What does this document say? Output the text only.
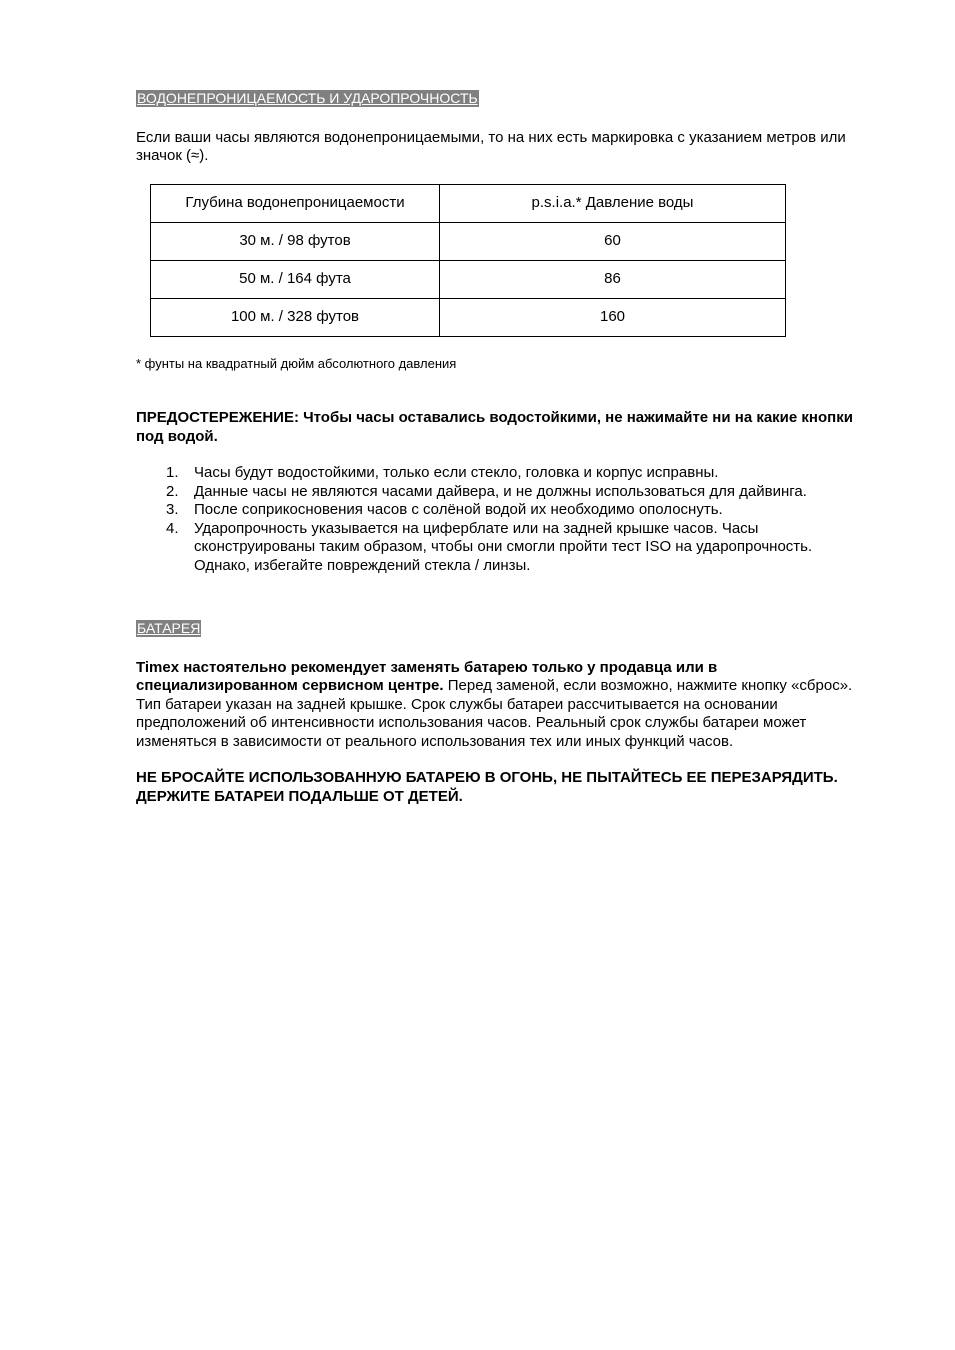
ВОДОНЕПРОНИЦАЕМОСТЬ И УДАРОПРОЧНОСТЬ

Если ваши часы являются водонепроницаемыми, то на них есть маркировка с указанием метров или значок (≈).

Глубина водонепроницаемости	p.s.i.a.* Давление воды
30 м. / 98 футов	60
50 м. / 164 фута	86
100 м. / 328 футов	160

* фунты на квадратный дюйм абсолютного давления

ПРЕДОСТЕРЕЖЕНИЕ: Чтобы часы оставались водостойкими, не нажимайте ни на какие кнопки под водой.

1.	Часы будут водостойкими, только если стекло, головка и корпус исправны.
2.	Данные часы не являются часами дайвера, и не должны использоваться для дайвинга.
3.	После соприкосновения часов с солёной водой их необходимо ополоснуть.
4.	Ударопрочность указывается на циферблате или на задней крышке часов. Часы сконструированы таким образом, чтобы они смогли пройти тест ISO на ударопрочность. Однако, избегайте повреждений стекла / линзы.
БАТАРЕЯ

Timex настоятельно рекомендует заменять батарею только у продавца или в специализированном сервисном центре. Перед заменой, если возможно, нажмите кнопку «сброс». Тип батареи указан на задней крышке. Срок службы батареи рассчитывается на основании предположений об интенсивности использования часов. Реальный срок службы батареи может изменяться в зависимости от реального использования тех или иных функций часов.

НЕ БРОСАЙТЕ ИСПОЛЬЗОВАННУЮ БАТАРЕЮ В ОГОНЬ, НЕ ПЫТАЙТЕСЬ ЕЕ ПЕРЕЗАРЯДИТЬ. ДЕРЖИТЕ БАТАРЕИ ПОДАЛЬШЕ ОТ ДЕТЕЙ.
